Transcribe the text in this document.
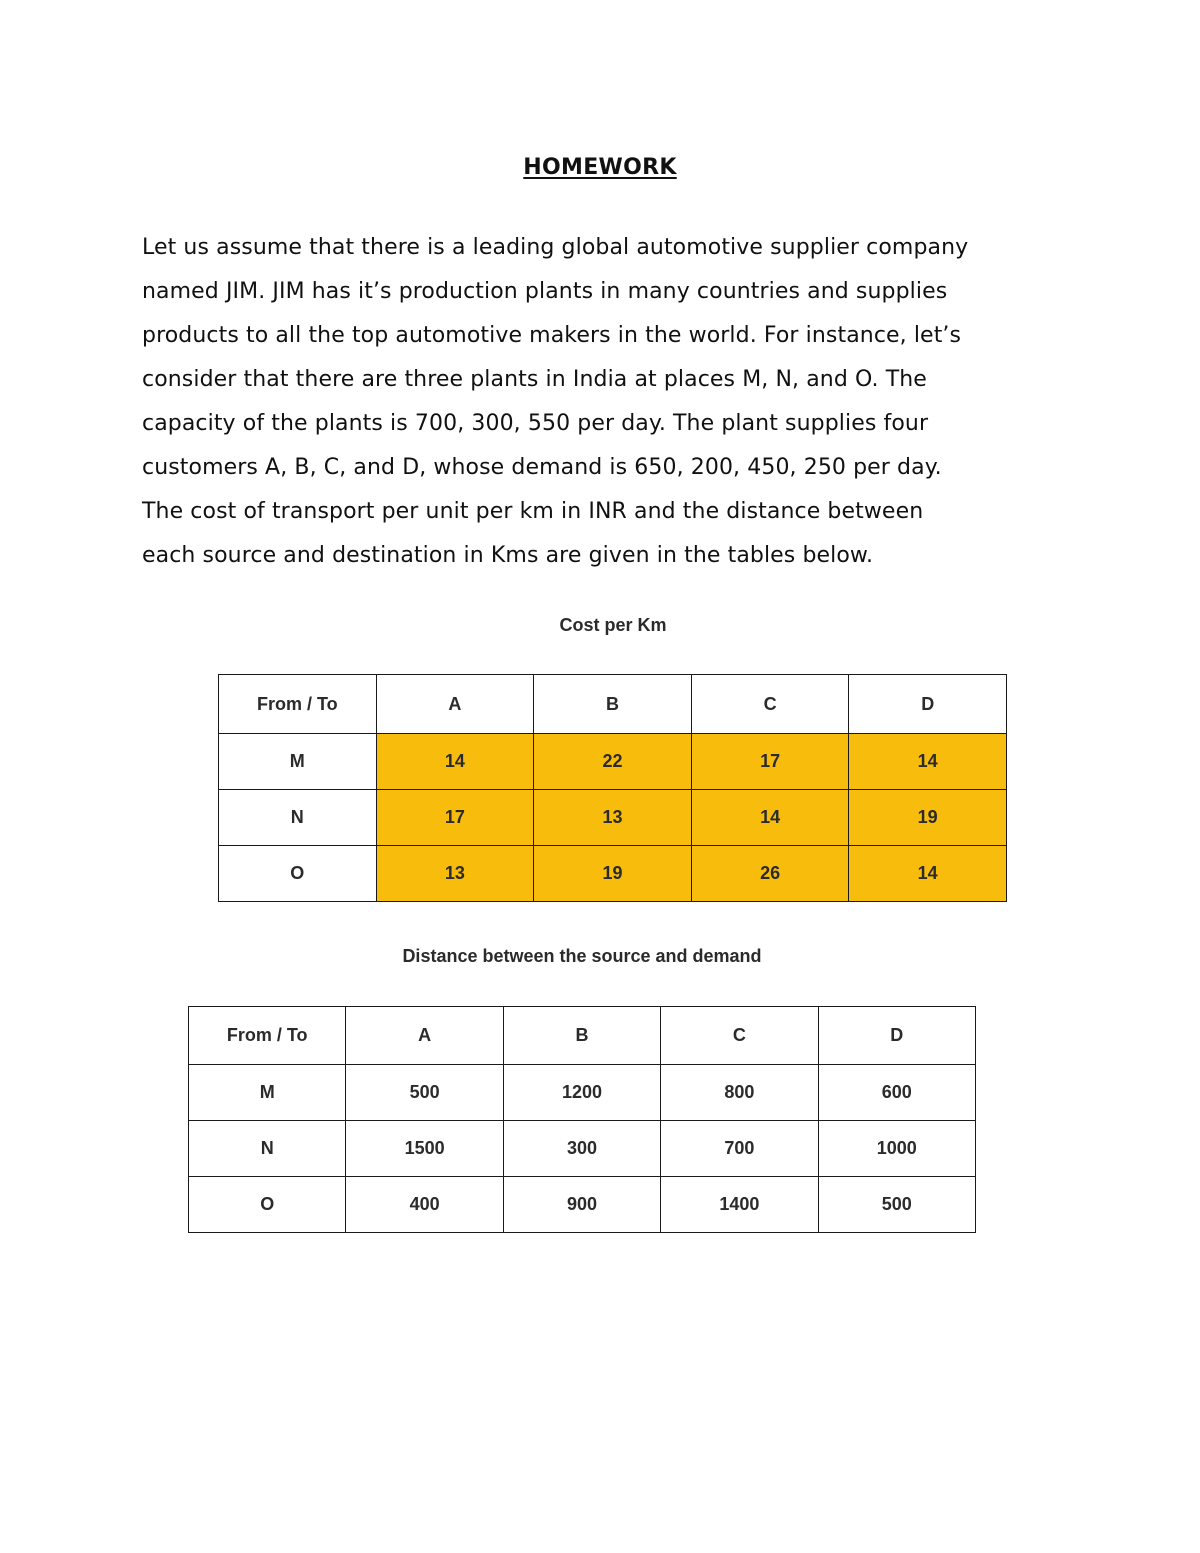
HOMEWORK

Let us assume that there is a leading global automotive supplier company
named JIM. JIM has it’s production plants in many countries and supplies
products to all the top automotive makers in the world. For instance, let’s
consider that there are three plants in India at places M, N, and O. The
capacity of the plants is 700, 300, 550 per day. The plant supplies four
customers A, B, C, and D, whose demand is 650, 200, 450, 250 per day.
The cost of transport per unit per km in INR and the distance between
each source and destination in Kms are given in the tables below.

Cost per Km
From / To	A	B	C	D
M	14	22	17	14
N	17	13	14	19
O	13	19	26	14
Distance between the source and demand
From / To	A	B	C	D
M	500	1200	800	600
N	1500	300	700	1000
O	400	900	1400	500
